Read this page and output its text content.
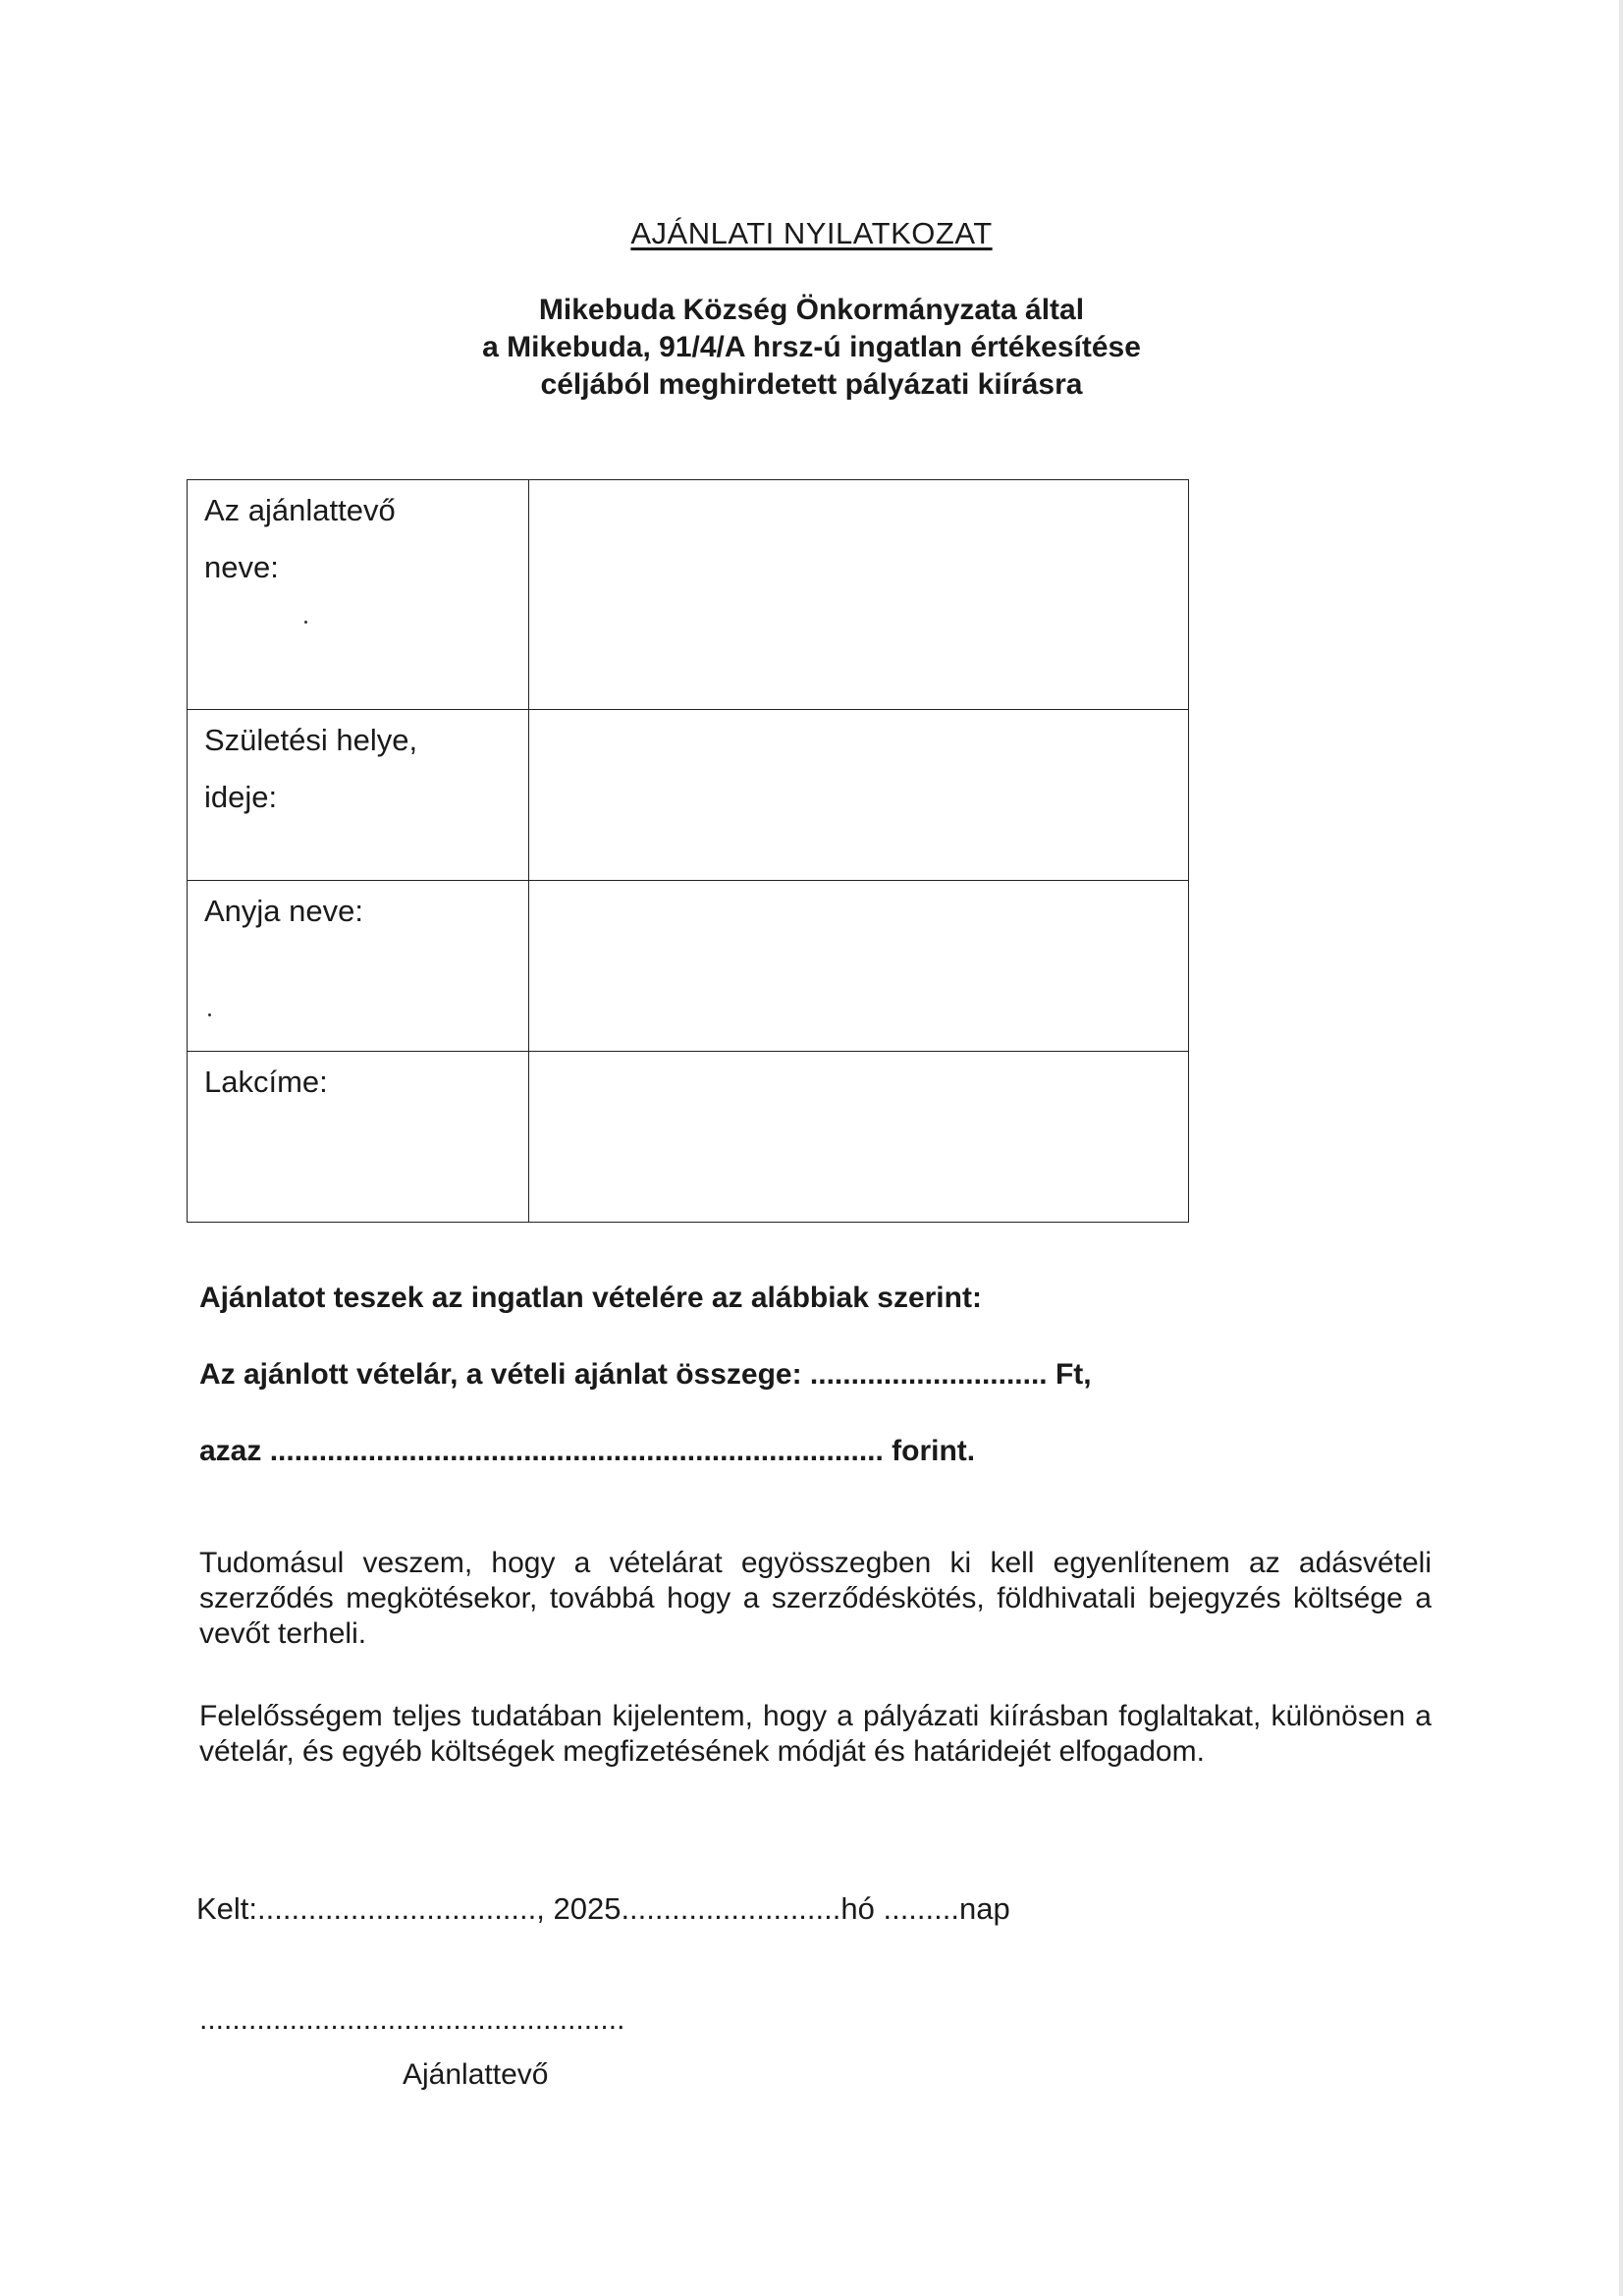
AJÁNLATI NYILATKOZAT
Mikebuda Község Önkormányzata által
a Mikebuda, 91/4/A hrsz-ú ingatlan értékesítése
céljából meghirdetett pályázati kiírásra
Az ajánlattevő
neve:	

Születési helye,
ideje:	

Anyja neve:	

Lakcíme:	

Ajánlatot teszek az ingatlan vételére az alábbiak szerint:
Az ajánlott vételár, a vételi ajánlat összege: ............................. Ft,
azaz ........................................................................... forint.
Tudomásul veszem, hogy a vételárat egyösszegben ki kell egyenlítenem az adásvételi szerződés megkötésekor, továbbá hogy a szerződéskötés, földhivatali bejegyzés költsége a vevőt terheli.
Felelősségem teljes tudatában kijelentem, hogy a pályázati kiírásban foglaltakat, különösen a vételár, és egyéb költségek megfizetésének módját és határidejét elfogadom.
Kelt:................................., 2025..........................hó .........nap
....................................................
Ajánlattevő
